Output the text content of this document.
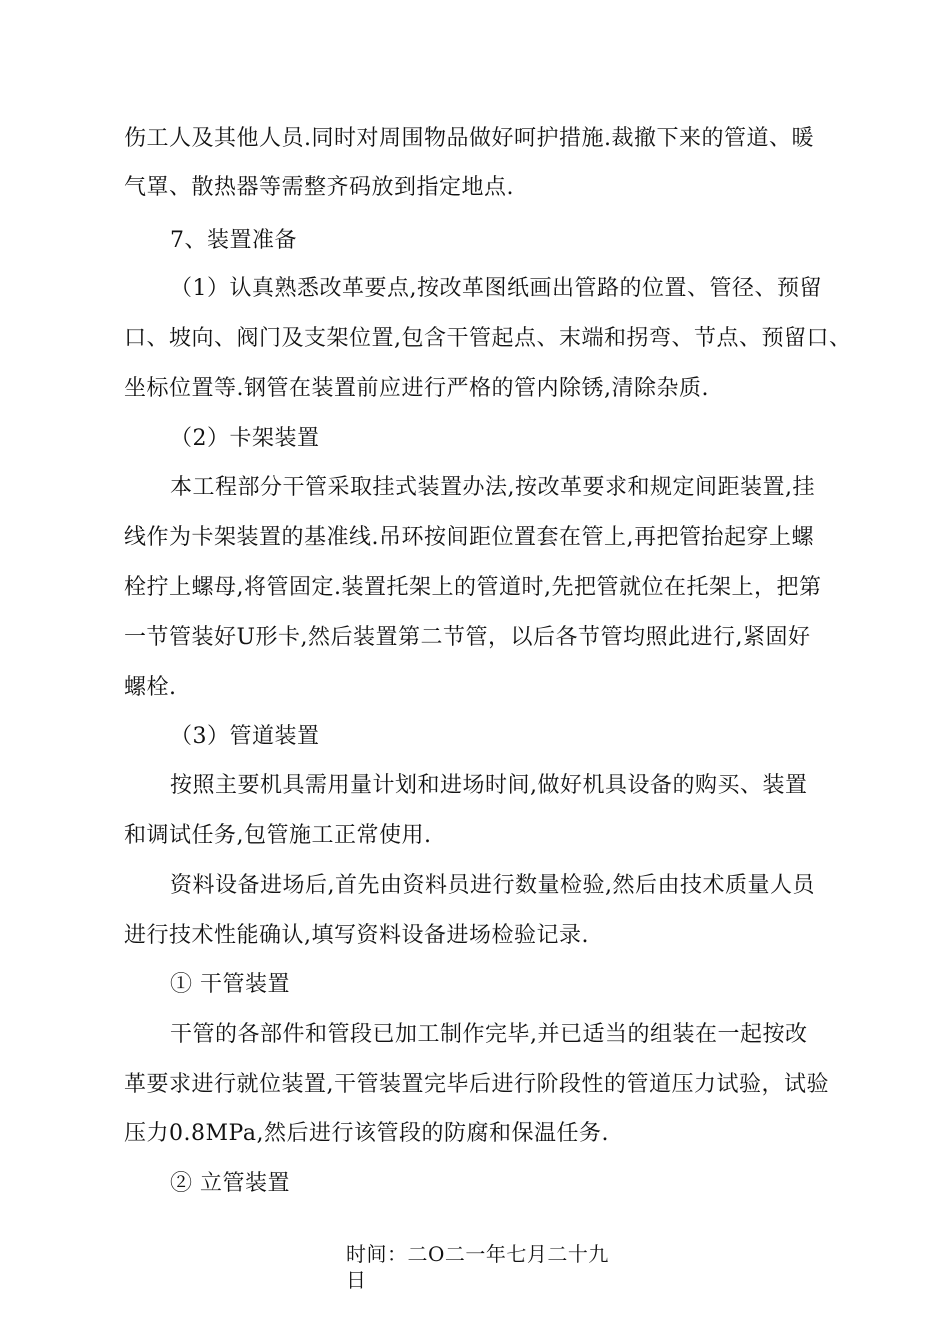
伤工人及其他人员.同时对周围物品做好呵护措施.裁撤下来的管道、暖
气罩、散热器等需整齐码放到指定地点.
7、装置准备
（1）认真熟悉改革要点,按改革图纸画出管路的位置、管径、预留
口、坡向、阀门及支架位置,包含干管起点、末端和拐弯、节点、预留口、
坐标位置等.钢管在装置前应进行严格的管内除锈,清除杂质.
（2）卡架装置
本工程部分干管采取挂式装置办法,按改革要求和规定间距装置,挂
线作为卡架装置的基准线.吊环按间距位置套在管上,再把管抬起穿上螺
栓拧上螺母,将管固定.装置托架上的管道时,先把管就位在托架上，把第
一节管装好U形卡,然后装置第二节管，以后各节管均照此进行,紧固好
螺栓.
（3）管道装置
按照主要机具需用量计划和进场时间,做好机具设备的购买、装置
和调试任务,包管施工正常使用.
资料设备进场后,首先由资料员进行数量检验,然后由技术质量人员
进行技术性能确认,填写资料设备进场检验记录.
① 干管装置
干管的各部件和管段已加工制作完毕,并已适当的组装在一起按改
革要求进行就位装置,干管装置完毕后进行阶段性的管道压力试验，试验
压力0.8MPa,然后进行该管段的防腐和保温任务.
② 立管装置
时间：二O二一年七月二十九
日
